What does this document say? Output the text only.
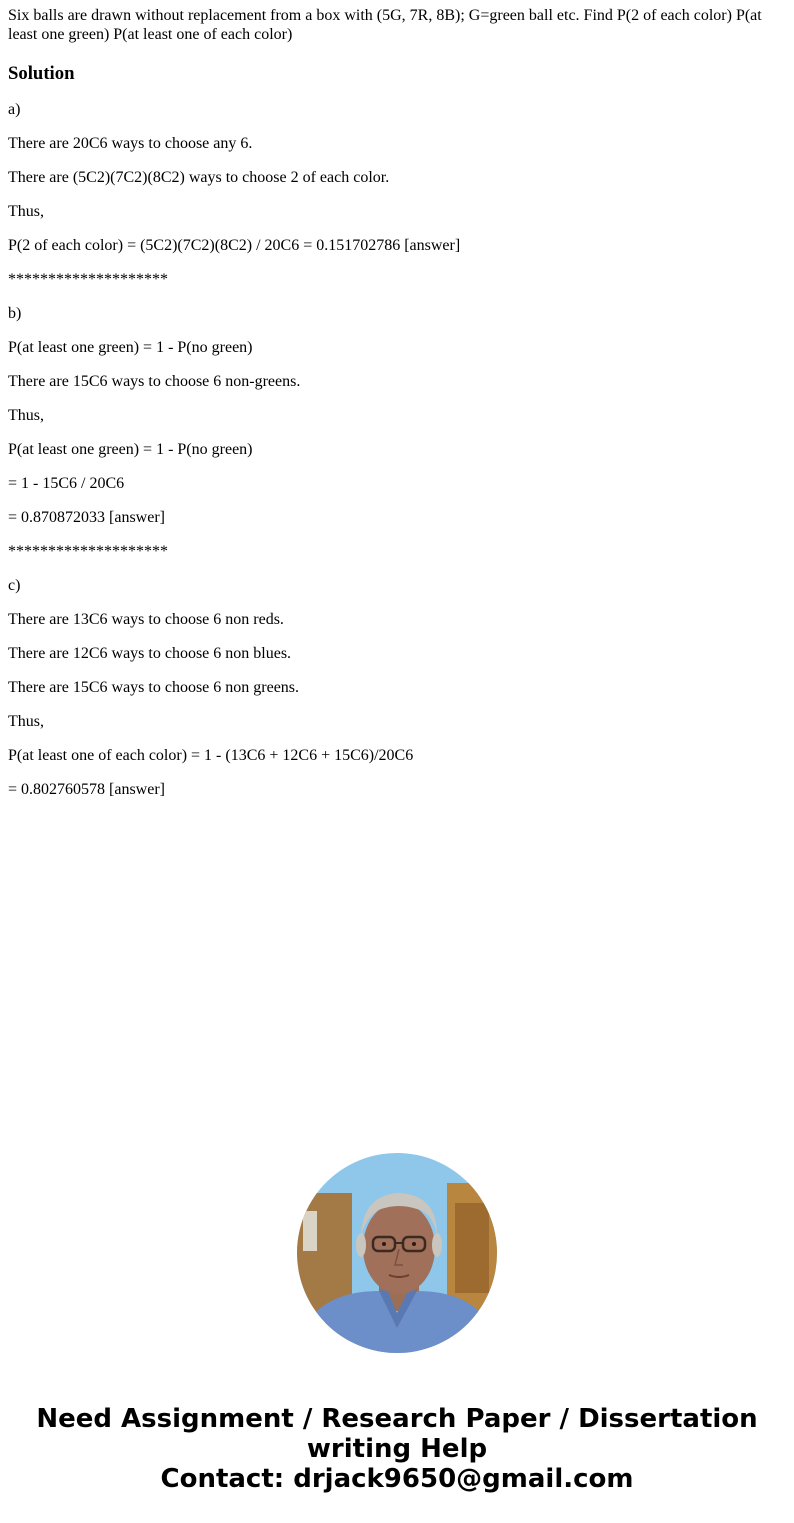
Six balls are drawn without replacement from a box with (5G, 7R, 8B); G=green ball etc. Find P(2 of each color) P(at least one green) P(at least one of each color)

Solution

a)

There are 20C6 ways to choose any 6.

There are (5C2)(7C2)(8C2) ways to choose 2 of each color.

Thus,

P(2 of each color) = (5C2)(7C2)(8C2) / 20C6 = 0.151702786 [answer]

********************

b)

P(at least one green) = 1 - P(no green)

There are 15C6 ways to choose 6 non-greens.

Thus,

P(at least one green) = 1 - P(no green)

= 1 - 15C6 / 20C6

= 0.870872033 [answer]

********************

c)

There are 13C6 ways to choose 6 non reds.

There are 12C6 ways to choose 6 non blues.

There are 15C6 ways to choose 6 non greens.

Thus,

P(at least one of each color) = 1 - (13C6 + 12C6 + 15C6)/20C6

= 0.802760578 [answer]

Need Assignment / Research Paper / Dissertation
writing Help
Contact: drjack9650@gmail.com
